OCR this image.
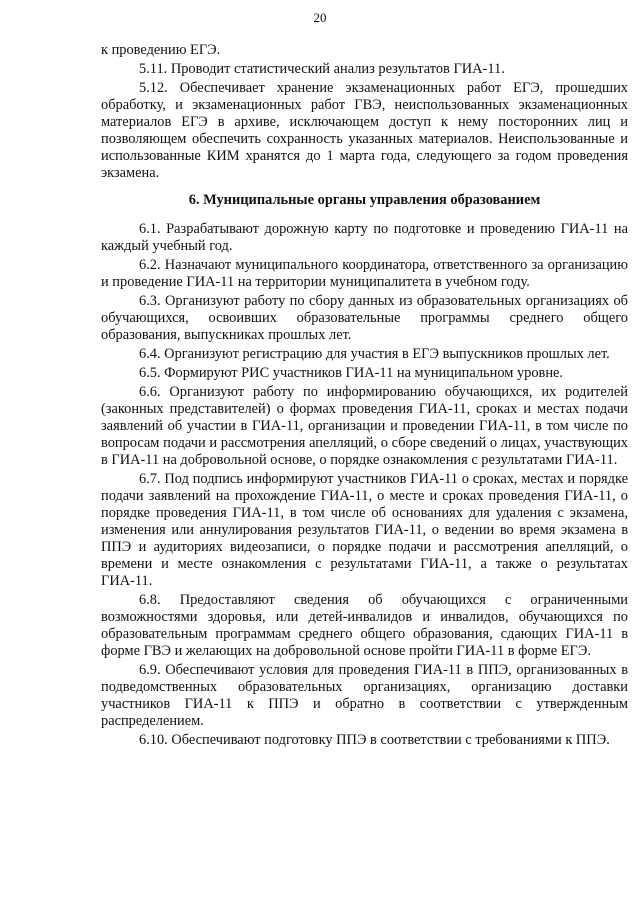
20

к проведению ЕГЭ.

5.11. Проводит статистический анализ результатов ГИА-11.

5.12. Обеспечивает хранение экзаменационных работ ЕГЭ, прошедших обработку, и экзаменационных работ ГВЭ, неиспользованных экзаменационных материалов ЕГЭ в архиве, исключающем доступ к нему посторонних лиц и позволяющем обеспечить сохранность указанных материалов. Неиспользованные и использованные КИМ хранятся до 1 марта года, следующего за годом проведения экзамена.

6. Муниципальные органы управления образованием

6.1. Разрабатывают дорожную карту по подготовке и проведению ГИА-11 на каждый учебный год.

6.2. Назначают муниципального координатора, ответственного за организацию и проведение ГИА-11 на территории муниципалитета в учебном году.

6.3. Организуют работу по сбору данных из образовательных организациях об обучающихся, освоивших образовательные программы среднего общего образования, выпускниках прошлых лет.

6.4. Организуют регистрацию для участия в ЕГЭ выпускников прошлых лет.

6.5. Формируют РИС участников ГИА-11 на муниципальном уровне.

6.6. Организуют работу по информированию обучающихся, их родителей (законных представителей) о формах проведения ГИА-11, сроках и местах подачи заявлений об участии в ГИА-11, организации и проведении ГИА-11, в том числе по вопросам подачи и рассмотрения апелляций, о сборе сведений о лицах, участвующих в ГИА-11 на добровольной основе, о порядке ознакомления с результатами ГИА-11.

6.7. Под подпись информируют участников ГИА-11 о сроках, местах и порядке подачи заявлений на прохождение ГИА-11, о месте и сроках проведения ГИА-11, о порядке проведения ГИА-11, в том числе об основаниях для удаления с экзамена, изменения или аннулирования результатов ГИА-11, о ведении во время экзамена в ППЭ и аудиториях видеозаписи, о порядке подачи и рассмотрения апелляций, о времени и месте ознакомления с результатами ГИА-11, а также о результатах ГИА-11.

6.8. Предоставляют сведения об обучающихся с ограниченными возможностями здоровья, или детей-инвалидов и инвалидов, обучающихся по образовательным программам среднего общего образования, сдающих ГИА-11 в форме ГВЭ и желающих на добровольной основе пройти ГИА-11 в форме ЕГЭ.

6.9. Обеспечивают условия для проведения ГИА-11 в ППЭ, организованных в подведомственных образовательных организациях, организацию доставки участников ГИА-11 к ППЭ и обратно в соответствии с утвержденным распределением.

6.10. Обеспечивают подготовку ППЭ в соответствии с требованиями к ППЭ.
